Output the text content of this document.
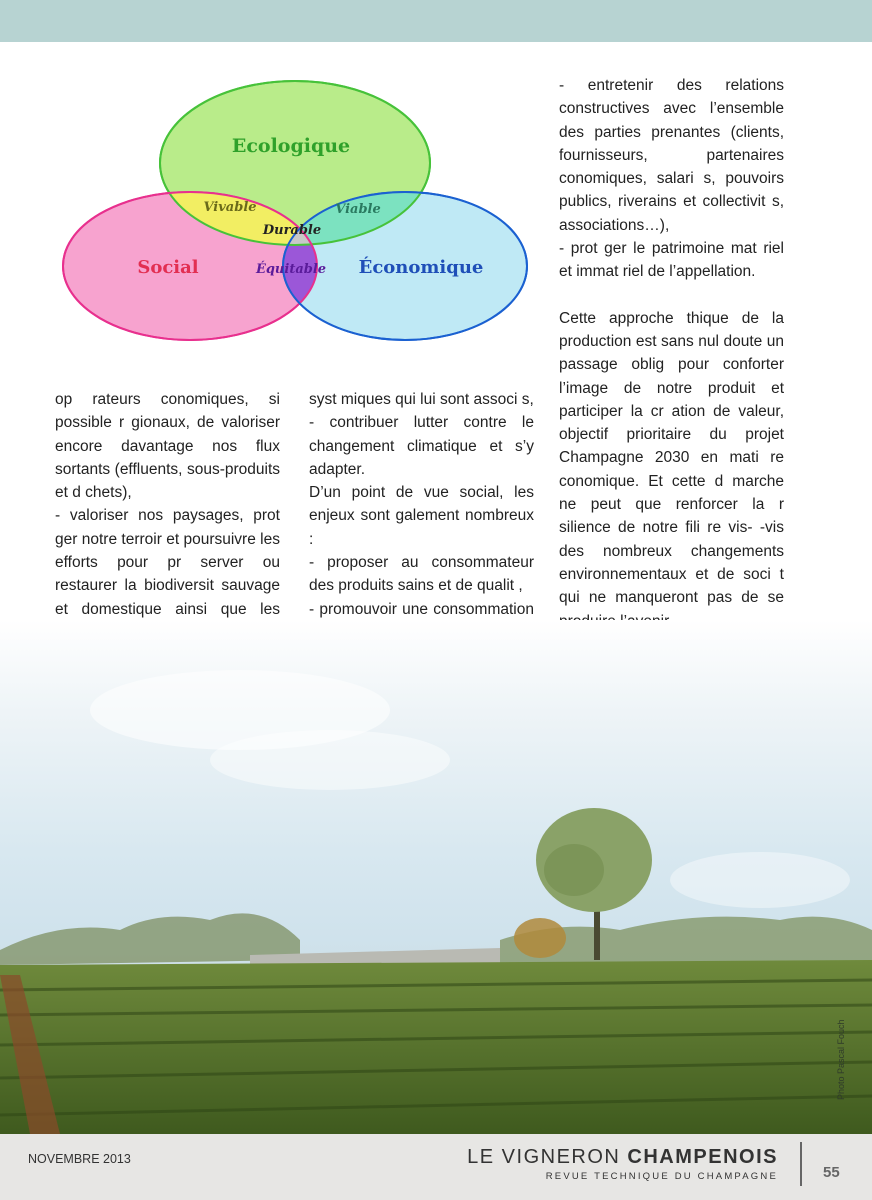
Ecologique
Social	Économique
Vivable	Viable
Durable
Équitable

op rateurs conomiques, si possible r gionaux, de valoriser encore davantage nos flux sortants (effluents, sous-produits et d chets),

- valoriser nos paysages, prot ger notre terroir et poursuivre les efforts pour pr server ou restaurer la biodiversit sauvage et domestique ainsi que les

syst miques qui lui sont associ s,

- contribuer lutter contre le changement climatique et s’y adapter.

D’un point de vue social, les enjeux sont galement nombreux :

- proposer au consommateur des produits sains et de qualit ,

- promouvoir une consommation

- entretenir des relations constructives avec l’ensemble des parties prenantes (clients, fournisseurs, partenaires conomiques, salari s, pouvoirs publics, riverains et collectivit s, associations…),

- prot ger le patrimoine mat riel et immat riel de l’appellation.

Cette approche thique de la production est sans nul doute un passage oblig pour conforter l’image de notre produit et participer la cr ation de valeur, objectif prioritaire du projet Champagne 2030 en mati re conomique. Et cette d marche ne peut que renforcer la r silience de notre fili re vis- -vis des nombreux changements environnementaux et de soci t qui ne manqueront pas de se

Photo Pascal Fouch
NOVEMBRE 2013	LE VIGNERON CHAMPENOIS
REVUE TECHNIQUE DU CHAMPAGNE	55
